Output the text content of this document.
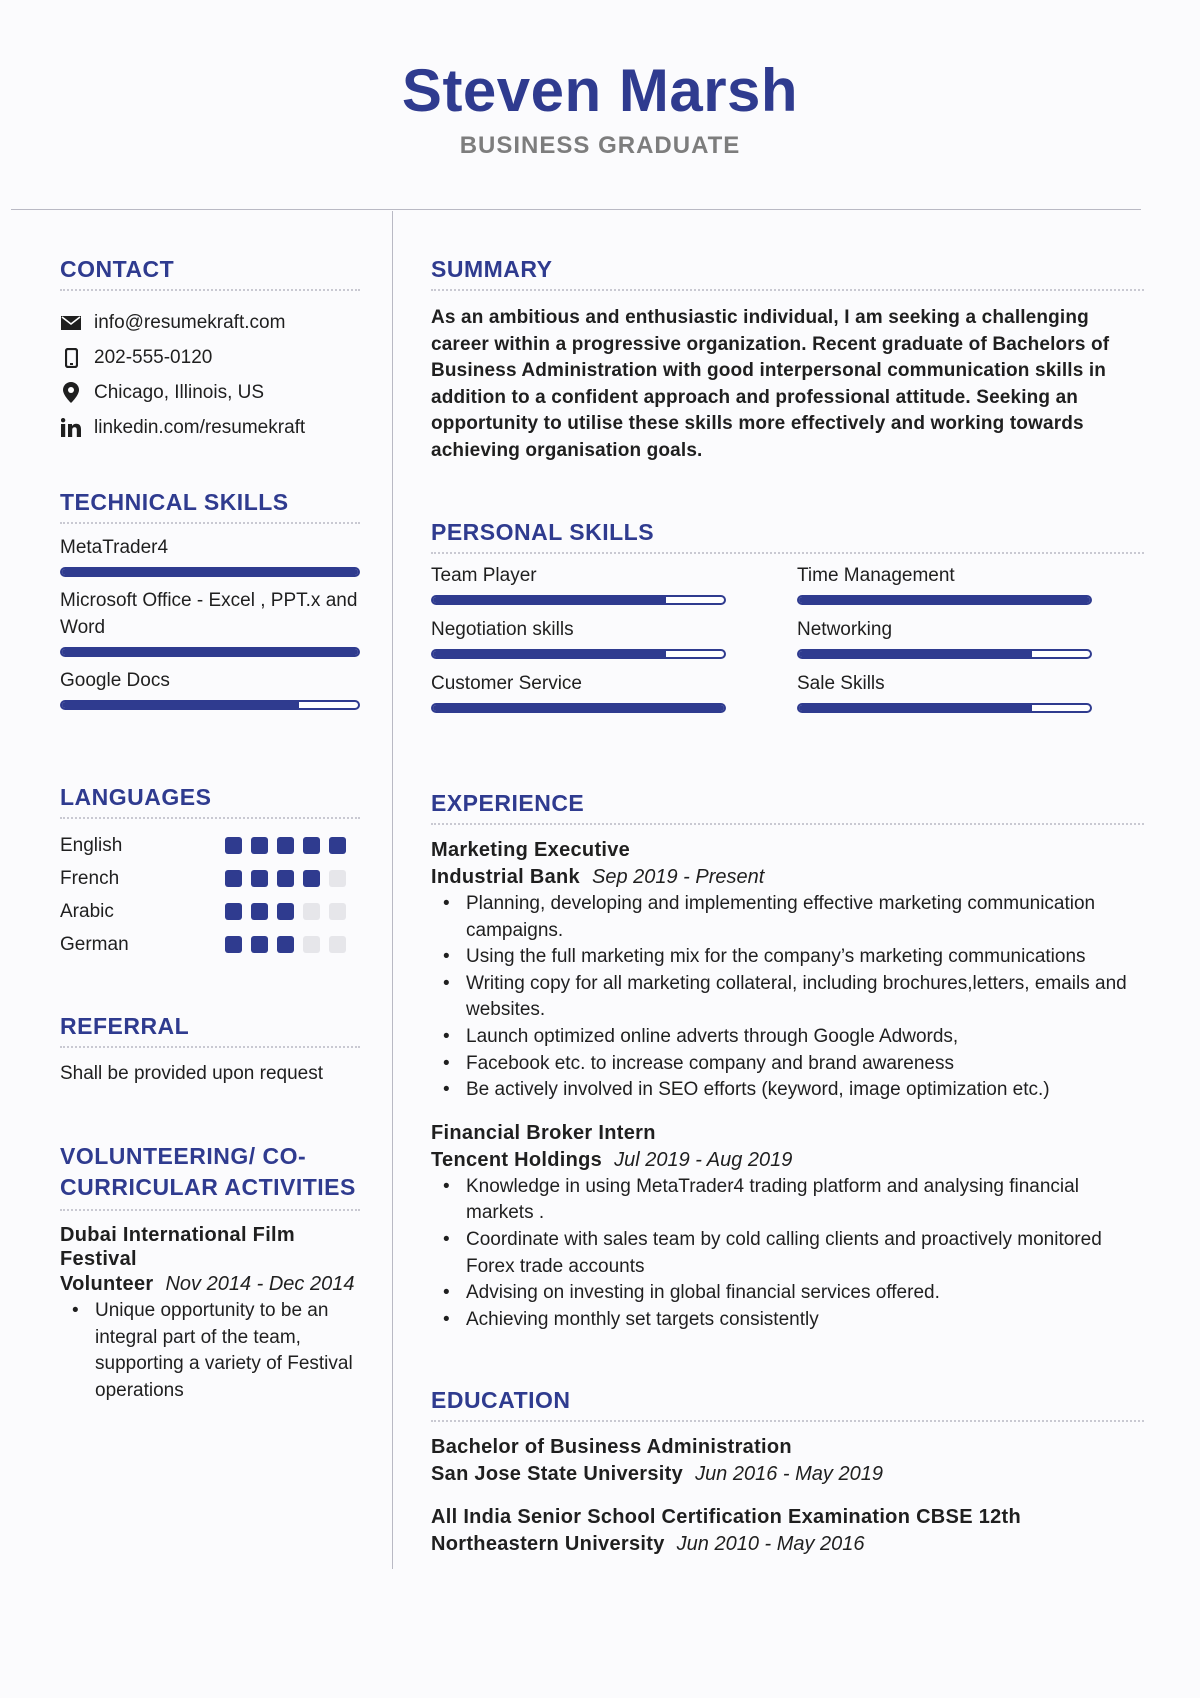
Steven Marsh
BUSINESS GRADUATE
CONTACT
info@resumekraft.com
202-555-0120
Chicago, Illinois, US
linkedin.com/resumekraft
TECHNICAL SKILLS
MetaTrader4
Microsoft Office - Excel , PPT.x and Word
Google Docs
LANGUAGES
English
French
Arabic
German
REFERRAL
Shall be provided upon request
VOLUNTEERING/ CO-
CURRICULAR ACTIVITIES
Dubai International Film Festival
Volunteer Nov 2014 - Dec 2014
• Unique opportunity to be an integral part of the team, supporting a variety of Festival operations
SUMMARY
As an ambitious and enthusiastic individual, I am seeking a challenging career within a progressive organization. Recent graduate of Bachelors of Business Administration with good interpersonal communication skills in addition to a confident approach and professional attitude. Seeking an opportunity to utilise these skills more effectively and working towards achieving organisation goals.
PERSONAL SKILLS
Team Player	Time Management
Negotiation skills	Networking
Customer Service	Sale Skills
EXPERIENCE
Marketing Executive
Industrial Bank Sep 2019 - Present
• Planning, developing and implementing effective marketing communication campaigns.
• Using the full marketing mix for the company’s marketing communications
• Writing copy for all marketing collateral, including brochures,letters, emails and websites.
• Launch optimized online adverts through Google Adwords,
• Facebook etc. to increase company and brand awareness
• Be actively involved in SEO efforts (keyword, image optimization etc.)
Financial Broker Intern
Tencent Holdings Jul 2019 - Aug 2019
• Knowledge in using MetaTrader4 trading platform and analysing financial markets .
• Coordinate with sales team by cold calling clients and proactively monitored Forex trade accounts
• Advising on investing in global financial services offered.
• Achieving monthly set targets consistently
EDUCATION
Bachelor of Business Administration
San Jose State University Jun 2016 - May 2019
All India Senior School Certification Examination CBSE 12th
Northeastern University Jun 2010 - May 2016
